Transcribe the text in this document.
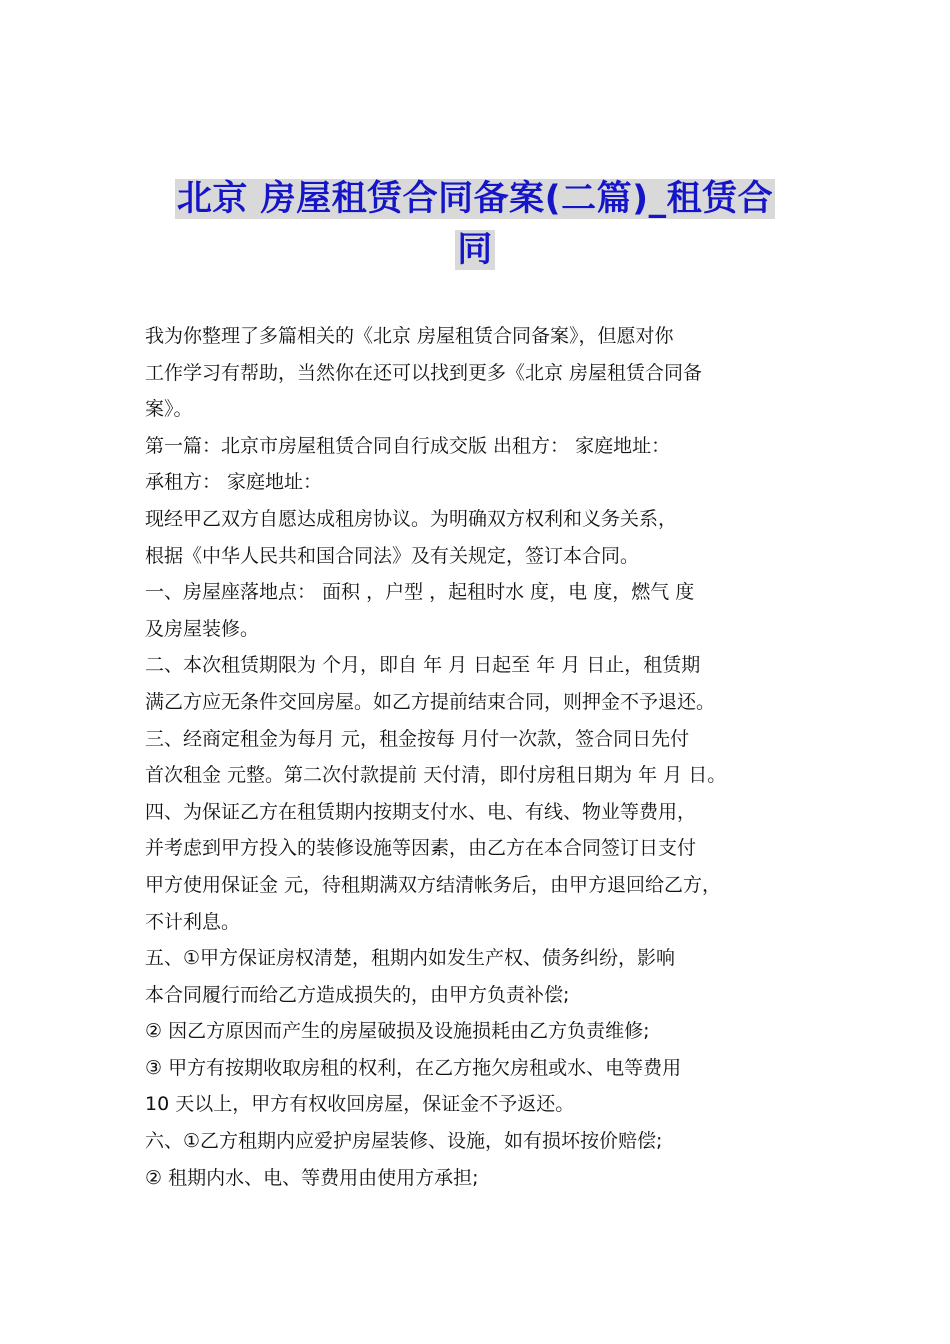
北京 房屋租赁合同备案(二篇)_租赁合
同

我为你整理了多篇相关的《北京 房屋租赁合同备案》，但愿对你

工作学习有帮助，当然你在还可以找到更多《北京 房屋租赁合同备

案》。

第一篇：北京市房屋租赁合同自行成交版 出租方： 家庭地址：

承租方： 家庭地址：

现经甲乙双方自愿达成租房协议。为明确双方权利和义务关系，

根据《中华人民共和国合同法》及有关规定，签订本合同。

一、房屋座落地点： 面积 ，户型 ，起租时水 度，电 度，燃气 度

及房屋装修。

二、本次租赁期限为 个月，即自 年 月 日起至 年 月 日止，租赁期

满乙方应无条件交回房屋。如乙方提前结束合同，则押金不予退还。

三、经商定租金为每月 元，租金按每 月付一次款，签合同日先付

首次租金 元整。第二次付款提前 天付清，即付房租日期为 年 月 日。

四、为保证乙方在租赁期内按期支付水、电、有线、物业等费用，

并考虑到甲方投入的装修设施等因素，由乙方在本合同签订日支付

甲方使用保证金 元，待租期满双方结清帐务后，由甲方退回给乙方，

不计利息。

五、①甲方保证房权清楚，租期内如发生产权、债务纠纷，影响

本合同履行而给乙方造成损失的，由甲方负责补偿;

② 因乙方原因而产生的房屋破损及设施损耗由乙方负责维修;

③ 甲方有按期收取房租的权利，在乙方拖欠房租或水、电等费用

10 天以上，甲方有权收回房屋，保证金不予返还。

六、①乙方租期内应爱护房屋装修、设施，如有损坏按价赔偿;

② 租期内水、电、等费用由使用方承担;
